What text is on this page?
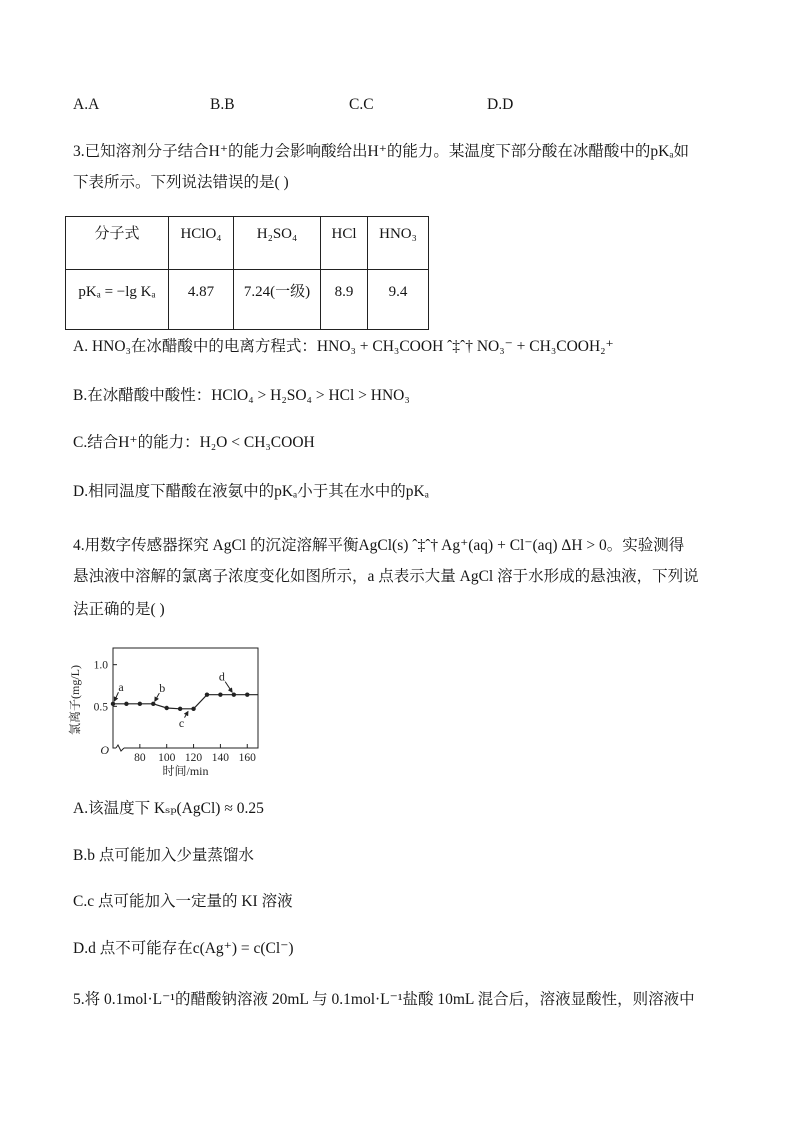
A.A	B.B	C.C	D.D
3.已知溶剂分子结合H⁺的能力会影响酸给出H⁺的能力。某温度下部分酸在冰醋酸中的pKₐ如
下表所示。下列说法错误的是( )
分子式	HClO₄	H₂SO₄	HCl	HNO₃
pKₐ = −lg Kₐ	4.87	7.24(一级)	8.9	9.4
A. HNO₃在冰醋酸中的电离方程式：HNO₃ + CH₃COOH ˆ‡ˆ† NO₃⁻ + CH₃COOH₂⁺
B.在冰醋酸中酸性：HClO₄ > H₂SO₄ > HCl > HNO₃
C.结合H⁺的能力：H₂O < CH₃COOH
D.相同温度下醋酸在液氨中的pKₐ小于其在水中的pKₐ
4.用数字传感器探究 AgCl 的沉淀溶解平衡AgCl(s) ˆ‡ˆ† Ag⁺(aq) + Cl⁻(aq) ΔH > 0。实验测得
悬浊液中溶解的氯离子浓度变化如图所示，a 点表示大量 AgCl 溶于水形成的悬浊液，下列说
法正确的是( )
80 100 120 140 160
0.5
1.0
O
时间/min
氯离子(mg/L)	a	b
c
d
A.该温度下 Kₛₚ(AgCl) ≈ 0.25
B.b 点可能加入少量蒸馏水
C.c 点可能加入一定量的 KI 溶液
D.d 点不可能存在c(Ag⁺) = c(Cl⁻)
5.将 0.1mol·L⁻¹的醋酸钠溶液 20mL 与 0.1mol·L⁻¹盐酸 10mL 混合后，溶液显酸性，则溶液中
